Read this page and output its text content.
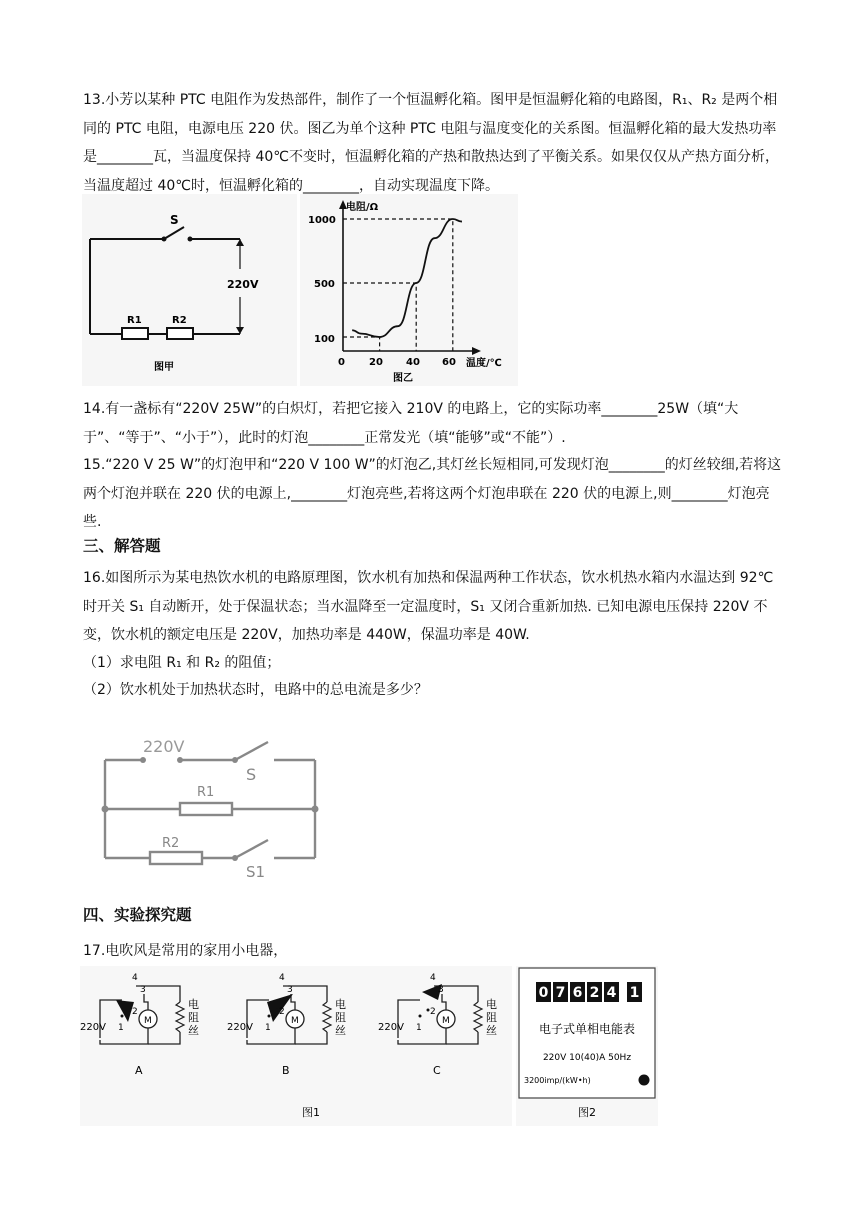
13.小芳以某种 PTC 电阻作为发热部件，制作了一个恒温孵化箱。图甲是恒温孵化箱的电路图，R₁、R₂ 是两个相同的 PTC 电阻，电源电压 220 伏。图乙为单个这种 PTC 电阻与温度变化的关系图。恒温孵化箱的最大发热功率是________瓦，当温度保持 40℃不变时，恒温孵化箱的产热和散热达到了平衡关系。如果仅仅从产热方面分析，当温度超过 40℃时，恒温孵化箱的________，自动实现温度下降。

S
220V
R1	R2
图甲
电阻/Ω
温度/℃
100
500
1000
0 20 40 60
图乙

14.有一盏标有“220V 25W”的白炽灯，若把它接入 210V 的电路上，它的实际功率________25W（填“大于”、“等于”、“小于”），此时的灯泡________正常发光（填“能够”或“不能”）.

15.“220 V 25 W”的灯泡甲和“220 V 100 W”的灯泡乙,其灯丝长短相同,可发现灯泡________的灯丝较细,若将这两个灯泡并联在 220 伏的电源上,________灯泡亮些,若将这两个灯泡串联在 220 伏的电源上,则________灯泡亮些.

三、解答题

16.如图所示为某电热饮水机的电路原理图，饮水机有加热和保温两种工作状态，饮水机热水箱内水温达到 92℃时开关 S₁ 自动断开，处于保温状态；当水温降至一定温度时，S₁ 又闭合重新加热. 已知电源电压保持 220V 不变，饮水机的额定电压是 220V，加热功率是 440W，保温功率是 40W.

（1）求电阻 R₁ 和 R₂ 的阻值；

（2）饮水机处于加热状态时，电路中的总电流是多少？

220V
S
R1
R2
S1

四、实验探究题

17.电吹风是常用的家用小电器，

220V 1
2
3
4
M
电
阻
丝
A
220V 1
2
3
4
M
电
阻
丝
B
220V 1
2
3
4
M
电
阻
丝
C
图1
0 7 6 2 4 1
电子式单相电能表
220V 10(40)A 50Hz
3200imp/(kW•h)
图2
